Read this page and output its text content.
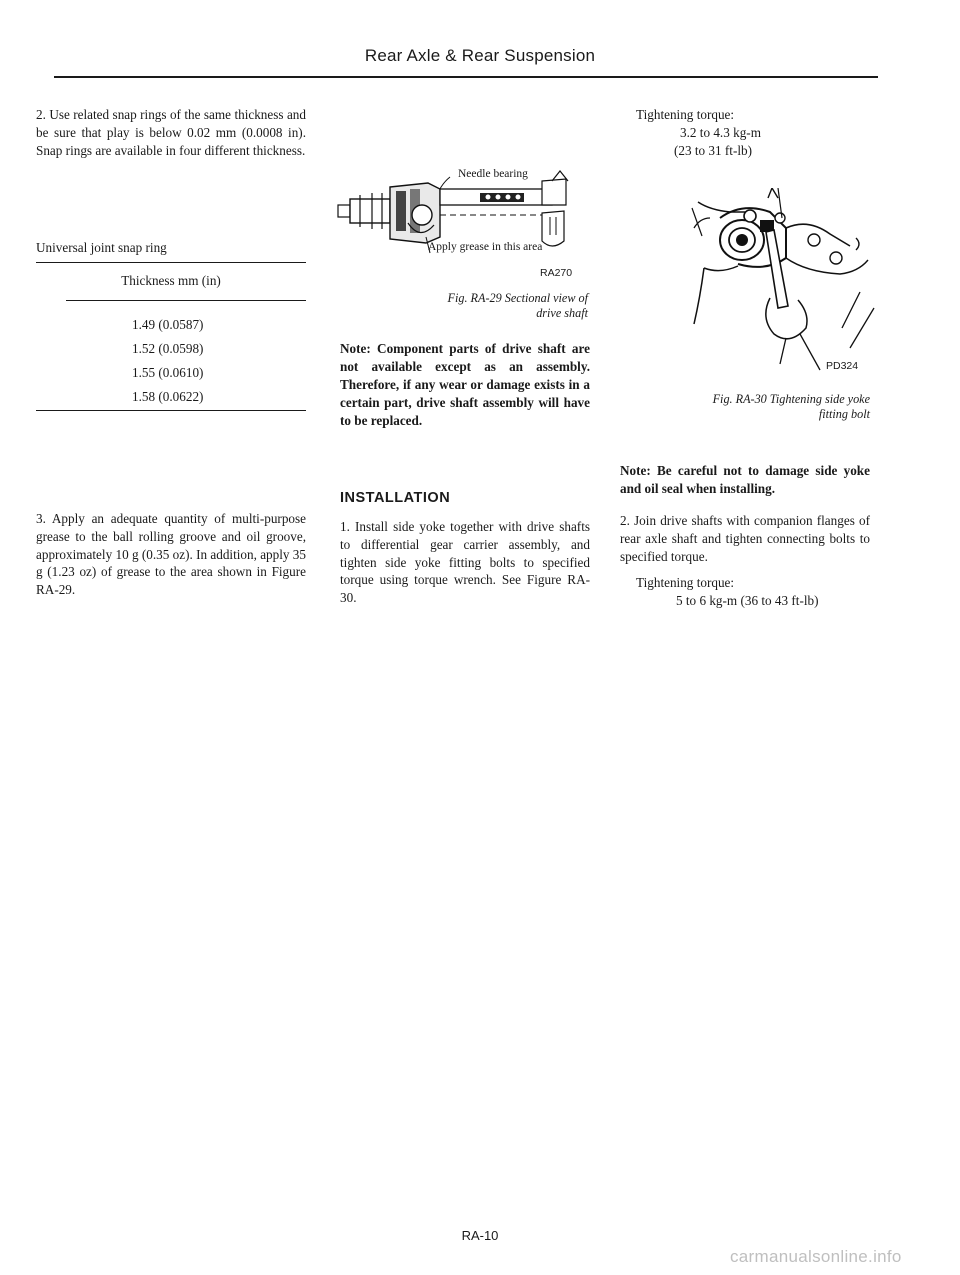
Rear Axle & Rear Suspension
2. Use related snap rings of the same thickness and be sure that play is below 0.02 mm (0.0008 in). Snap rings are available in four different thickness.
Universal joint snap ring
Thickness mm (in)
1.49 (0.0587)
1.52 (0.0598)
1.55 (0.0610)
1.58 (0.0622)
3. Apply an adequate quantity of multi-purpose grease to the ball rolling groove and oil groove, approximately 10 g (0.35 oz). In addition, apply 35 g (1.23 oz) of grease to the area shown in Figure RA-29.
Needle bearing
Apply grease in this area
RA270
Fig. RA-29 Sectional view of
drive shaft
Note: Component parts of drive shaft are not available except as an assembly. Therefore, if any wear or damage exists in a certain part, drive shaft assembly will have to be replaced.
INSTALLATION
1. Install side yoke together with drive shafts to differential gear carrier assembly, and tighten side yoke fitting bolts to specified torque using torque wrench. See Figure RA-30.
Tightening torque:
3.2 to 4.3 kg-m
(23 to 31 ft-lb)
PD324
Fig. RA-30 Tightening side yoke
fitting bolt
Note: Be careful not to damage side yoke and oil seal when installing.
2. Join drive shafts with companion flanges of rear axle shaft and tighten connecting bolts to specified torque.
Tightening torque:
5 to 6 kg-m (36 to 43 ft-lb)
RA-10
carmanualsonline.info
